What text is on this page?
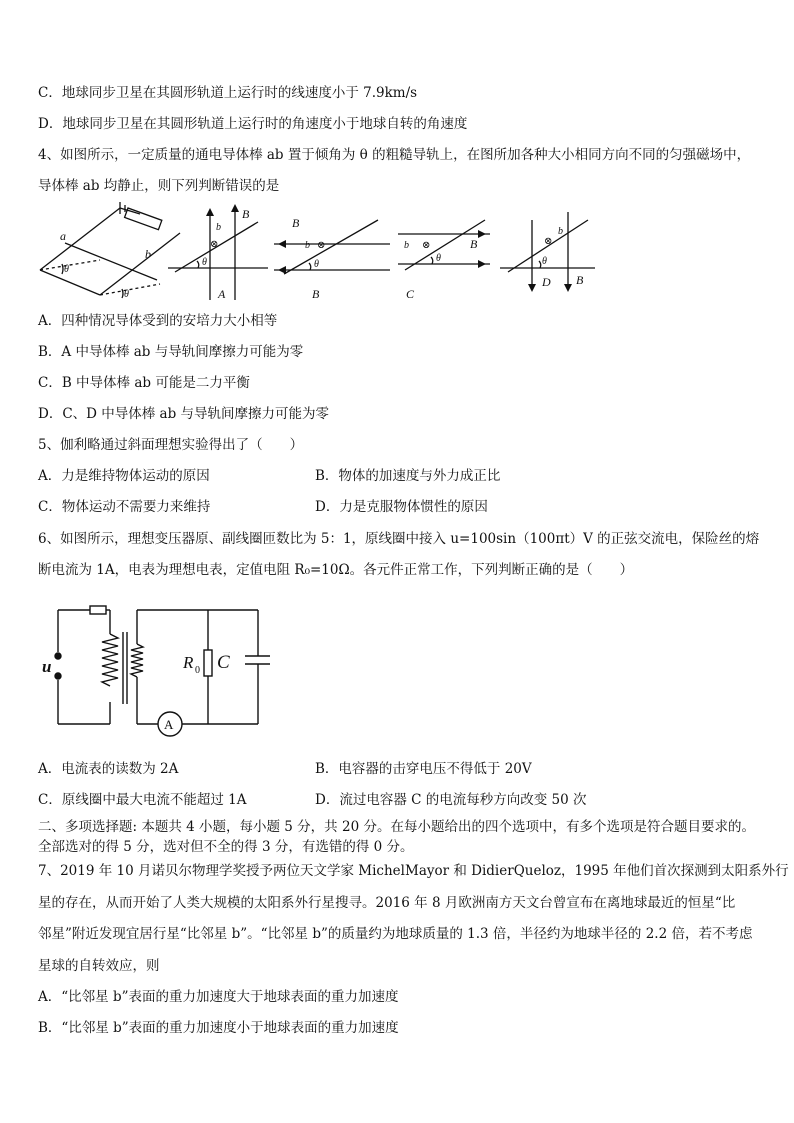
C．地球同步卫星在其圆形轨道上运行时的线速度小于 7.9km/s
D．地球同步卫星在其圆形轨道上运行时的角速度小于地球自转的角速度
4、如图所示，一定质量的通电导体棒 ab 置于倾角为 θ 的粗糙导轨上，在图所加各种大小相同方向不同的匀强磁场中，
导体棒 ab 均静止，则下列判断错误的是
a
b
θ
θ
b
⊗
B
θ
A
B
b ⊗
θ
B
b ⊗	B
θ
C
b
⊗
θ
D B
A．四种情况导体受到的安培力大小相等
B．A 中导体棒 ab 与导轨间摩擦力可能为零
C．B 中导体棒 ab 可能是二力平衡
D．C、D 中导体棒 ab 与导轨间摩擦力可能为零
5、伽利略通过斜面理想实验得出了（　　）
A．力是维持物体运动的原因	B．物体的加速度与外力成正比
C．物体运动不需要力来维持	D．力是克服物体惯性的原因
6、如图所示，理想变压器原、副线圈匝数比为 5：1，原线圈中接入 u=100sin（100πt）V 的正弦交流电，保险丝的熔
断电流为 1A，电表为理想电表，定值电阻 R₀=10Ω。各元件正常工作，下列判断正确的是（　　）
u	R 0 C
A
A．电流表的读数为 2A	B．电容器的击穿电压不得低于 20V
C．原线圈中最大电流不能超过 1A	D．流过电容器 C 的电流每秒方向改变 50 次
二、多项选择题: 本题共 4 小题，每小题 5 分，共 20 分。在每小题给出的四个选项中，有多个选项是符合题目要求的。
全部选对的得 5 分，选对但不全的得 3 分，有选错的得 0 分。
7、2019 年 10 月诺贝尔物理学奖授予两位天文学家 MichelMayor 和 DidierQueloz，1995 年他们首次探测到太阳系外行
星的存在，从而开始了人类大规模的太阳系外行星搜寻。2016 年 8 月欧洲南方天文台曾宣布在离地球最近的恒星“比
邻星”附近发现宜居行星“比邻星 b”。“比邻星 b”的质量约为地球质量的 1.3 倍，半径约为地球半径的 2.2 倍，若不考虑
星球的自转效应，则
A．“比邻星 b”表面的重力加速度大于地球表面的重力加速度
B．“比邻星 b”表面的重力加速度小于地球表面的重力加速度
